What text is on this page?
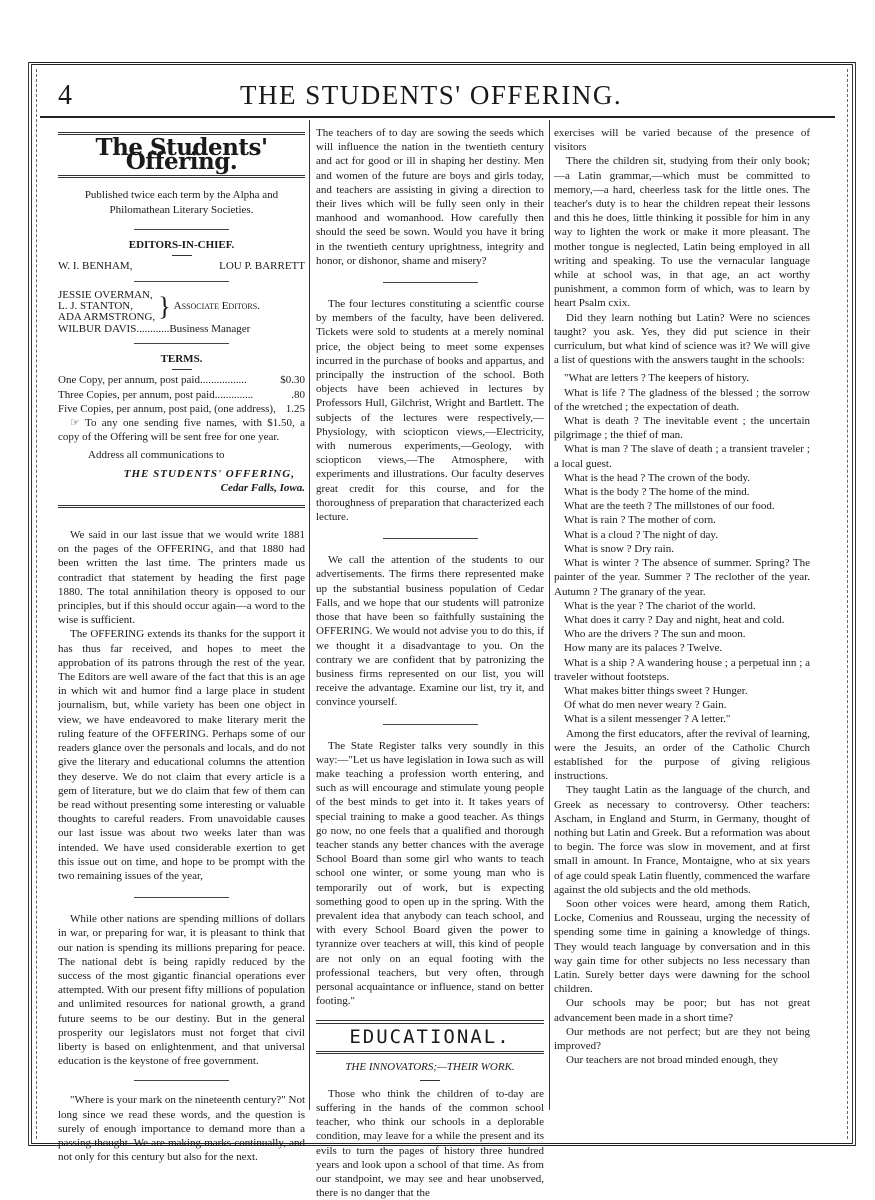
4	THE STUDENTS' OFFERING.
The Students' Offering.
Published twice each term by the Alpha and Philomathean Literary Societies.
EDITORS-IN-CHIEF.
W. I. BENHAM,	LOU P. BARRETT
JESSIE OVERMAN,
L. J. STANTON,
ADA ARMSTRONG, } Associate Editors.
WILBUR DAVIS............Business Manager
TERMS.
One Copy, per annum, post paid.................	$0.30
Three Copies, per annum, post paid..............	.80
Five Copies, per annum, post paid, (one address), 1.25

☞ To any one sending five names, with $1.50, a copy of the Offering will be sent free for one year.

Address all communications to
THE STUDENTS' OFFERING,
Cedar Falls, Iowa.

We said in our last issue that we would write 1881 on the pages of the OFFERING, and that 1880 had been written the last time. The printers made us contradict that statement by heading the first page 1880. The total annihilation theory is opposed to our principles, but if this should occur again—a word to the wise is sufficient.

The OFFERING extends its thanks for the support it has thus far received, and hopes to meet the approbation of its patrons through the rest of the year. The Editors are well aware of the fact that this is an age in which wit and humor find a large place in student journalism, but, while variety has been one object in view, we have endeavored to make literary merit the ruling feature of the OFFERING. Perhaps some of our readers glance over the personals and locals, and do not give the literary and educational columns the attention they deserve. We do not claim that every article is a gem of literature, but we do claim that few of them can be read without presenting some interesting or valuable thoughts to careful readers. From unavoidable causes our last issue was about two weeks later than was intended. We have used considerable exertion to get this issue out on time, and hope to be prompt with the two remaining issues of the year,

While other nations are spending millions of dollars in war, or preparing for war, it is pleasant to think that our nation is spending its millions preparing for peace. The national debt is being rapidly reduced by the success of the most gigantic financial operations ever attempted. With our present fifty millions of population and unlimited resources for national growth, a grand future seems to be our destiny. But in the general prosperity our legislators must not forget that civil liberty is based on enlightenment, and that universal education is the keystone of free government.

"Where is your mark on the nineteenth century?" Not long since we read these words, and the question is surely of enough importance to demand more than a passing thought. We are making marks continually, and not only for this century but also for the next.

The teachers of to day are sowing the seeds which will influence the nation in the twentieth century and act for good or ill in shaping her destiny. Men and women of the future are boys and girls today, and teachers are assisting in giving a direction to their lives which will be fully seen only in their manhood and womanhood. How carefully then should the seed be sown. Would you have it bring in the twentieth century uprightness, integrity and honor, or dishonor, shame and misery?

The four lectures constituting a scientfic course by members of the faculty, have been delivered. Tickets were sold to students at a merely nominal price, the object being to meet some expenses incurred in the purchase of books and appartus, and principally the instruction of the school. Both objects have been achieved in lectures by Professors Hull, Gilchrist, Wright and Bartlett. The subjects of the lectures were respectively,—Physiology, with sciopticon views,—Electricity, with numerous experiments,—Geology, with sciopticon views,—The Atmosphere, with experiments and illustrations. Our faculty deserves great credit for this course, and for the thoroughness of preparation that characterized each lecture.

We call the attention of the students to our advertisements. The firms there represented make up the substantial business population of Cedar Falls, and we hope that our students will patronize those that have been so faithfully sustaining the OFFERING. We would not advise you to do this, if we thought it a disadvantage to you. On the contrary we are confident that by patronizing the business firms represented on our list, you will receive the advantage. Examine our list, try it, and convince yourself.

The State Register talks very soundly in this way:—"Let us have legislation in Iowa such as will make teaching a profession worth entering, and such as will encourage and stimulate young people of the best minds to get into it. It takes years of special training to make a good teacher. As things go now, no one feels that a qualified and thorough teacher stands any better chances with the average School Board than some girl who wants to teach school one winter, or some young man who is temporarily out of work, but is expecting something good to open up in the spring. With the prevalent idea that anybody can teach school, and with every School Board given the power to tyrannize over teachers at will, this kind of people are not only on an equal footing with the professional teachers, but very often, through personal acquaintance or influence, stand on better footing."

EDUCATIONAL.
THE INNOVATORS;—THEIR WORK.

Those who think the children of to-day are suffering in the hands of the common school teacher, who think our schools in a deplorable condition, may leave for a while the present and its evils to turn the pages of history three hundred years and look upon a school of that time. As from our standpoint, we may see and hear unobserved, there is no danger that the

exercises will be varied because of the presence of visitors

There the children sit, studying from their only book;—a Latin grammar,—which must be committed to memory,—a hard, cheerless task for the little ones. The teacher's duty is to hear the children repeat their lessons and this he does, little thinking it possible for him in any way to lighten the work or make it more pleasant. The mother tongue is neglected, Latin being employed in all writing and speaking. To use the vernacular language while at school was, in that age, an act worthy punishment, a common form of which, was to learn by heart Psalm cxix.

Did they learn nothing but Latin? Were no sciences taught? you ask. Yes, they did put science in their curriculum, but what kind of science was it? We will give a list of questions with the answers taught in the schools:

"What are letters ? The keepers of history.

What is life ? The gladness of the blessed ; the sorrow of the wretched ; the expectation of death.

What is death ? The inevitable event ; the uncertain pilgrimage ; the thief of man.

What is man ? The slave of death ; a transient traveler ; a local guest.

What is the head ? The crown of the body.

What is the body ? The home of the mind.

What are the teeth ? The millstones of our food.

What is rain ? The mother of corn.

What is a cloud ? The night of day.

What is snow ? Dry rain.

What is winter ? The absence of summer. Spring? The painter of the year. Summer ? The reclother of the year. Autumn ? The granary of the year.

What is the year ? The chariot of the world.

What does it carry ? Day and night, heat and cold.

Who are the drivers ? The sun and moon.

How many are its palaces ? Twelve.

What is a ship ? A wandering house ; a perpetual inn ; a traveler without footsteps.

What makes bitter things sweet ? Hunger.

Of what do men never weary ? Gain.

What is a silent messenger ? A letter."

Among the first educators, after the revival of learning, were the Jesuits, an order of the Catholic Church established for the purpose of giving religious instructions.

They taught Latin as the language of the church, and Greek as necessary to controversy. Other teachers: Ascham, in England and Sturm, in Germany, thought of nothing but Latin and Greek. But a reformation was about to begin. The force was slow in movement, and at first small in amount. In France, Montaigne, who at six years of age could speak Latin fluently, commenced the warfare against the old subjects and the old methods.

Soon other voices were heard, among them Ratich, Locke, Comenius and Rousseau, urging the necessity of spending some time in gaining a knowledge of things. They would teach language by conversation and in this way gain time for other subjects no less necessary than Latin. Surely better days were dawning for the school children.

Our schools may be poor; but has not great advancement been made in a short time?

Our methods are not perfect; but are they not being improved?

Our teachers are not broad minded enough, they
